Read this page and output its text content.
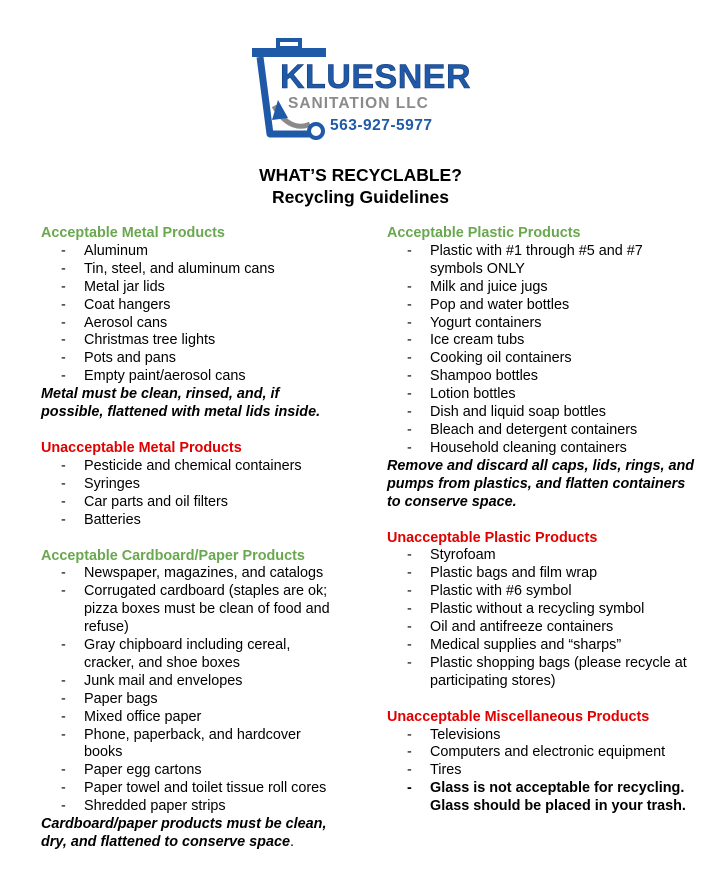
KLUESNER
SANITATION LLC
563-927-5977
WHAT’S RECYCLABLE?
Recycling Guidelines
Acceptable Metal Products
- Aluminum
- Tin, steel, and aluminum cans
- Metal jar lids
- Coat hangers
- Aerosol cans
- Christmas tree lights
- Pots and pans
- Empty paint/aerosol cans
Metal must be clean, rinsed, and, if possible, flattened with metal lids inside.
Unacceptable Metal Products
- Pesticide and chemical containers
- Syringes
- Car parts and oil filters
- Batteries
Acceptable Cardboard/Paper Products
- Newspaper, magazines, and catalogs
- Corrugated cardboard (staples are ok; pizza boxes must be clean of food and refuse)
- Gray chipboard including cereal, cracker, and shoe boxes
- Junk mail and envelopes
- Paper bags
- Mixed office paper
- Phone, paperback, and hardcover books
- Paper egg cartons
- Paper towel and toilet tissue roll cores
- Shredded paper strips
Cardboard/paper products must be clean, dry, and flattened to conserve space.
Acceptable Plastic Products
- Plastic with #1 through #5 and #7 symbols ONLY
- Milk and juice jugs
- Pop and water bottles
- Yogurt containers
- Ice cream tubs
- Cooking oil containers
- Shampoo bottles
- Lotion bottles
- Dish and liquid soap bottles
- Bleach and detergent containers
- Household cleaning containers
Remove and discard all caps, lids, rings, and pumps from plastics, and flatten containers to conserve space.
Unacceptable Plastic Products
- Styrofoam
- Plastic bags and film wrap
- Plastic with #6 symbol
- Plastic without a recycling symbol
- Oil and antifreeze containers
- Medical supplies and “sharps”
- Plastic shopping bags (please recycle at participating stores)
Unacceptable Miscellaneous Products
- Televisions
- Computers and electronic equipment
- Tires
- Glass is not acceptable for recycling. Glass should be placed in your trash.
